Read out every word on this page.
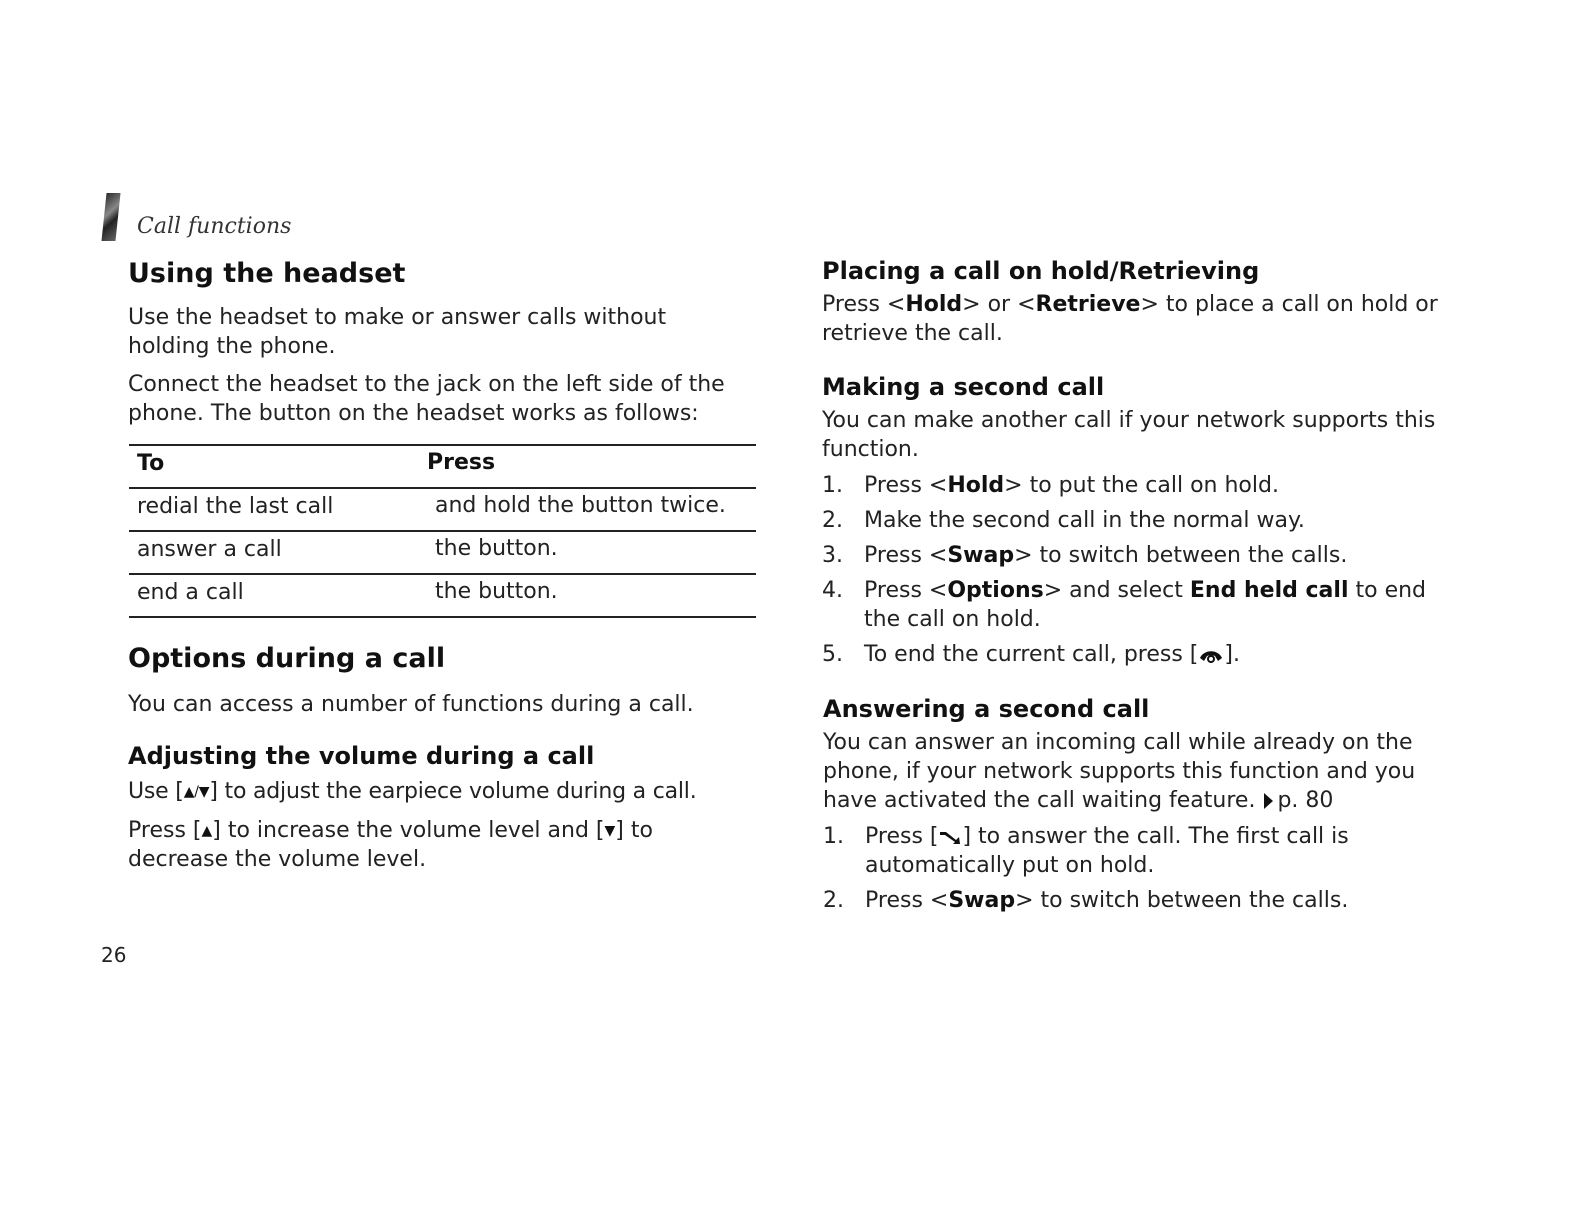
Call functions
Using the headset

Use the headset to make or answer calls without holding the phone.

Connect the headset to the jack on the left side of the phone. The button on the headset works as follows:

To	Press
redial the last call	and hold the button twice.
answer a call	the button.
end a call	the button.
Options during a call

You can access a number of functions during a call.

Adjusting the volume during a call

Use [▲/▼] to adjust the earpiece volume during a call.

Press [▲] to increase the volume level and [▼] to decrease the volume level.

26
Placing a call on hold/Retrieving

Press <Hold> or <Retrieve> to place a call on hold or retrieve the call.

Making a second call

You can make another call if your network supports this function.

1. Press <Hold> to put the call on hold.
2. Make the second call in the normal way.
3. Press <Swap> to switch between the calls.
4. Press <Options> and select End held call to end the call on hold.
5. To end the current call, press [ ].
Answering a second call

You can answer an incoming call while already on the phone, if your network supports this function and you have activated the call waiting feature. p. 80

1. Press [ ] to answer the call. The first call is automatically put on hold.
2. Press <Swap> to switch between the calls.
